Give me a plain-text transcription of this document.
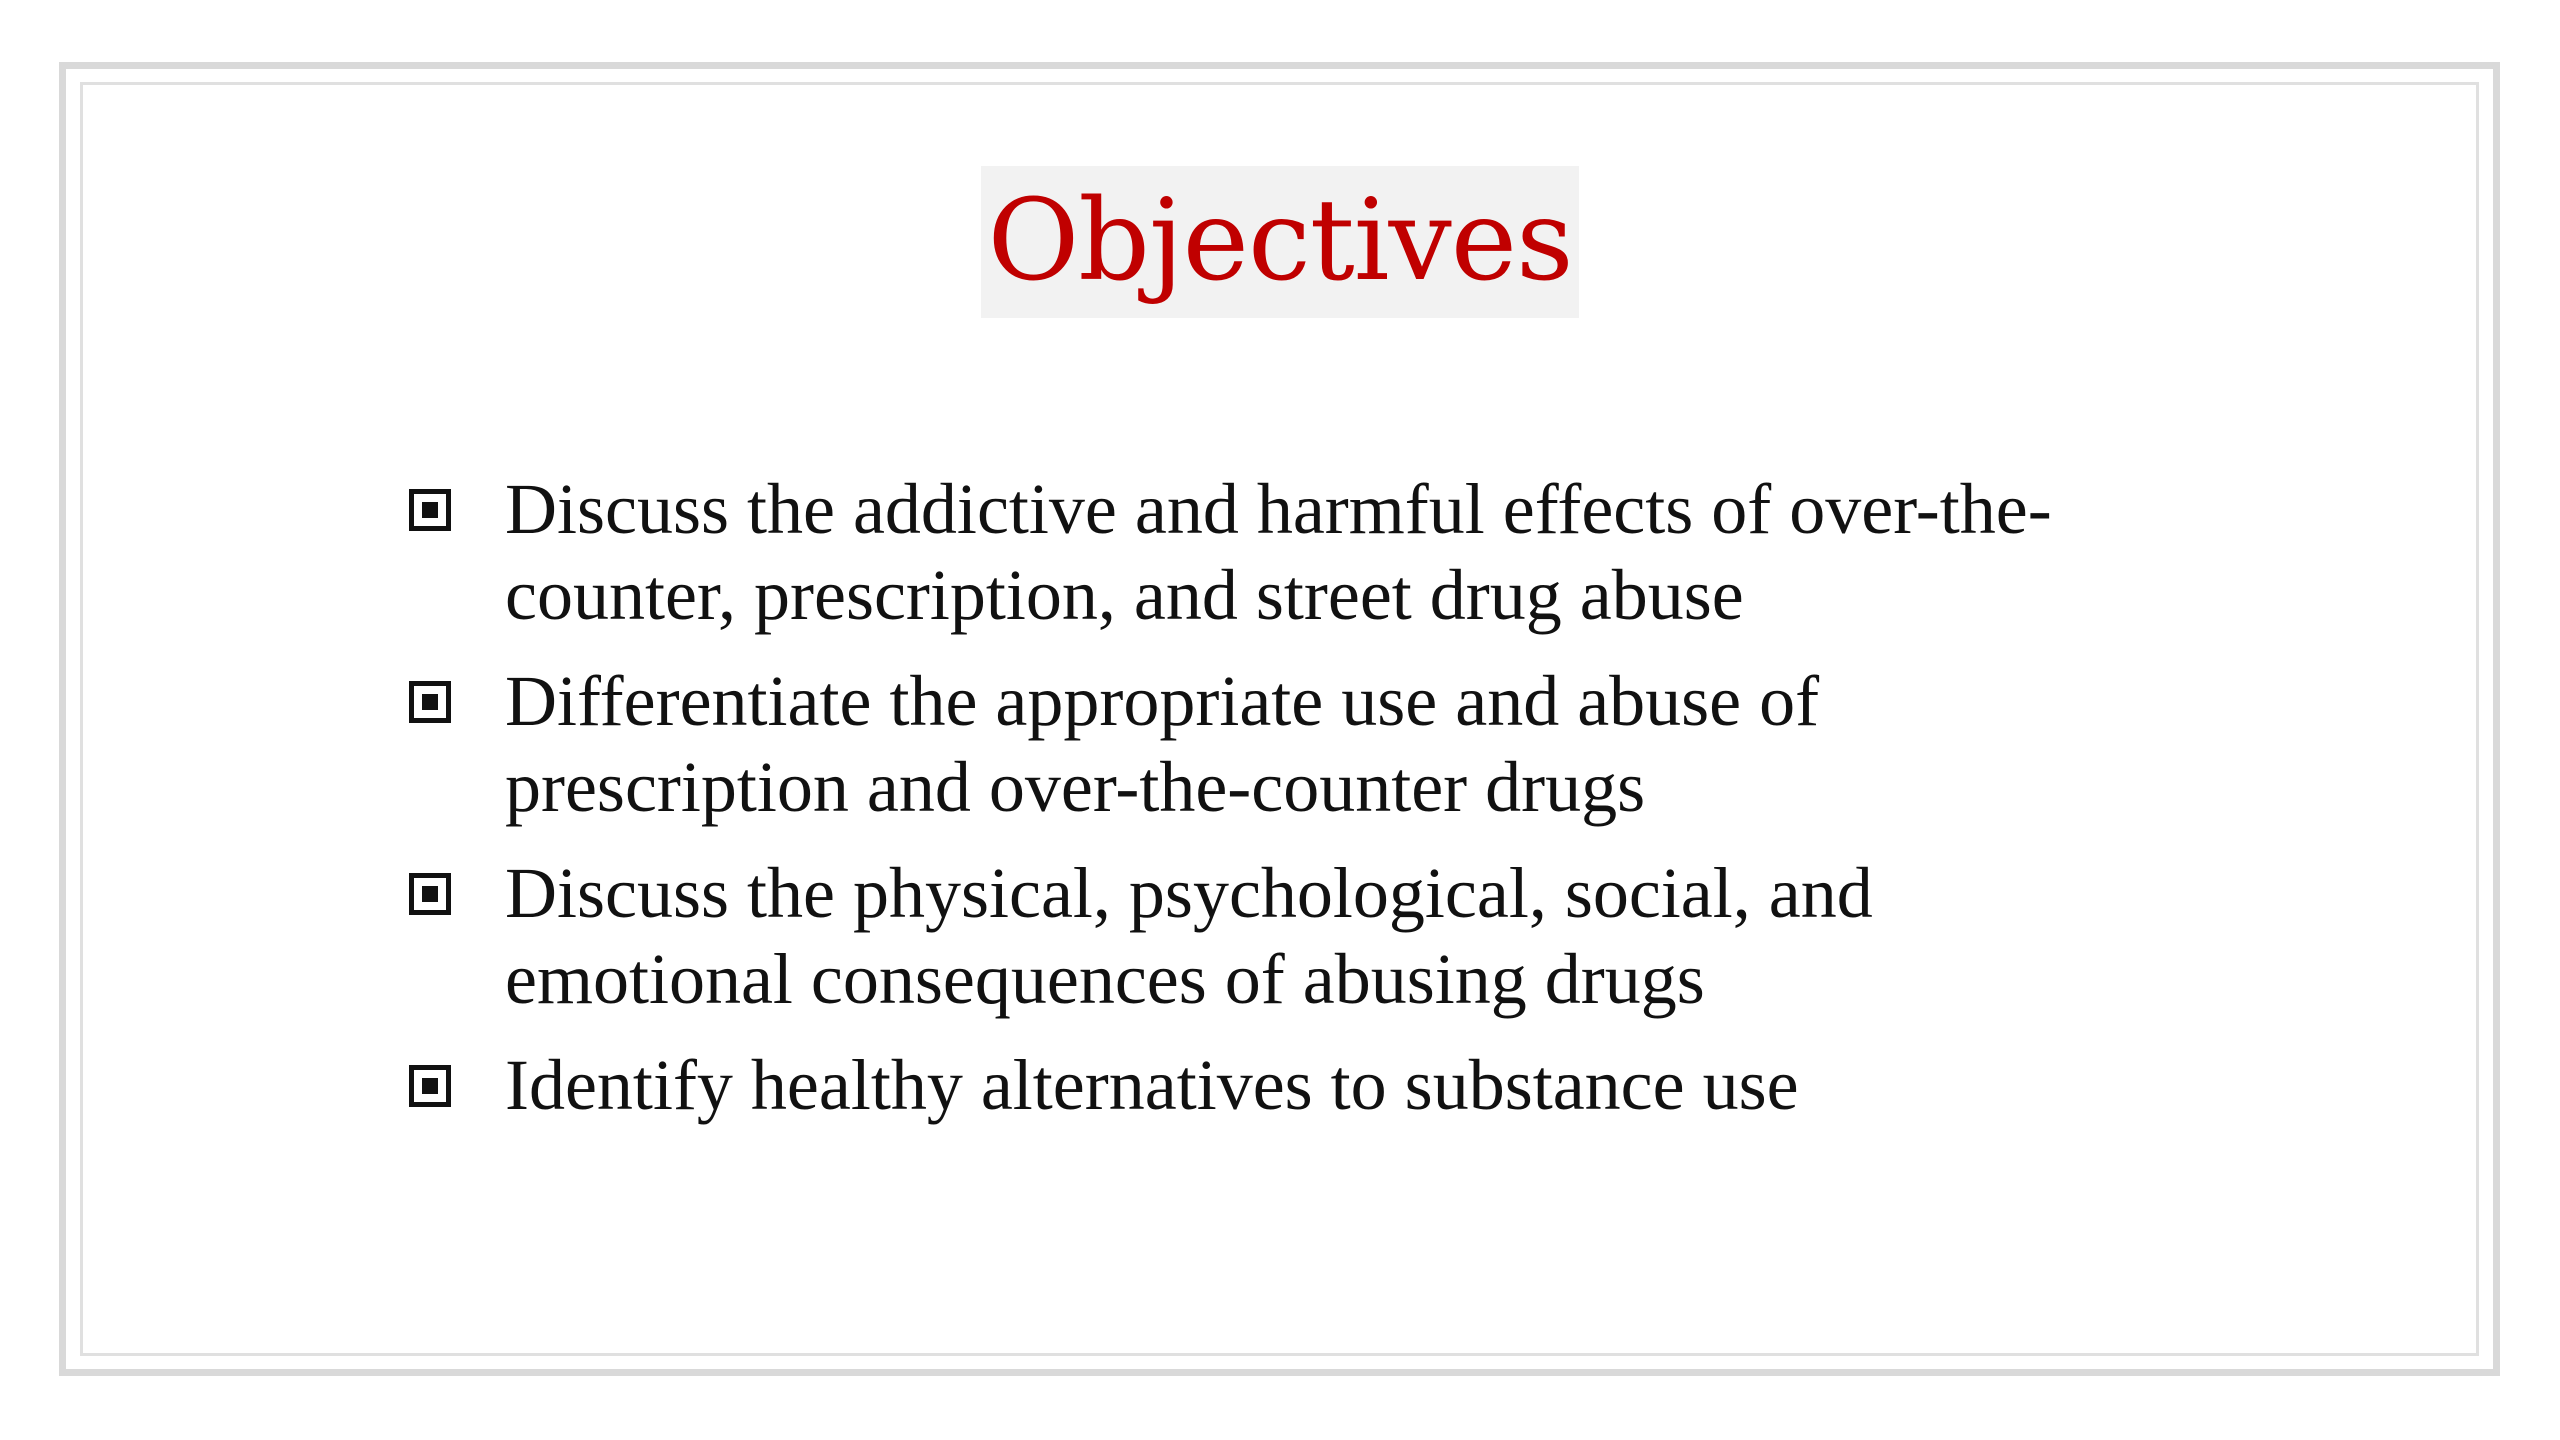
Objectives
Discuss the addictive and harmful effects of over-the-counter, prescription, and street drug abuse
Differentiate the appropriate use and abuse of prescription and over-the-counter drugs
Discuss the physical, psychological, social, and emotional consequences of abusing drugs
Identify healthy alternatives to substance use
